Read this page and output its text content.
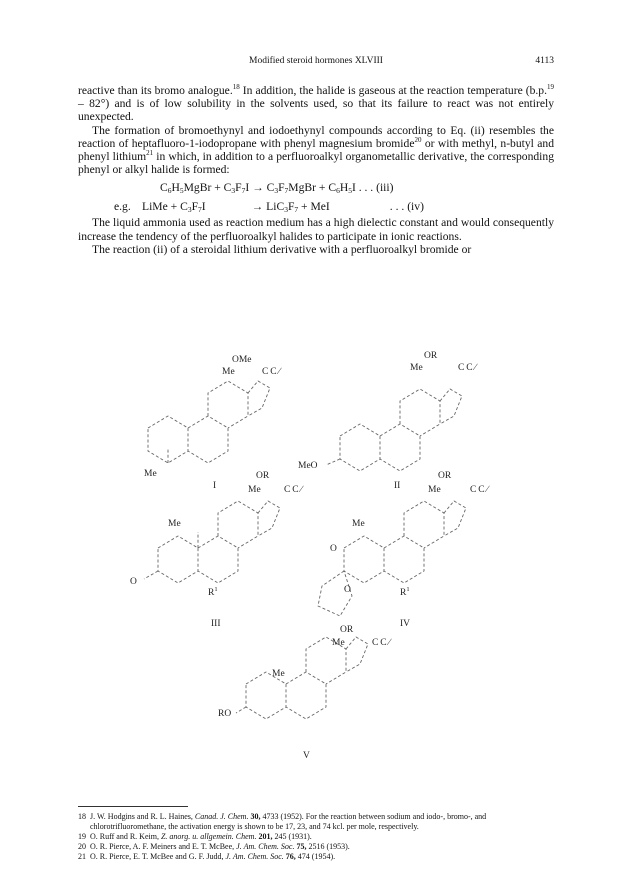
Modified steroid hormones XLVIII	4113

reactive than its bromo analogue.$^{18}$ In addition, the halide is gaseous at the reaction temperature (b.p.$^{19}$ – 82°) and is of low solubility in the solvents used, so that its failure to react was not entirely unexpected.

The formation of bromoethynyl and iodoethynyl compounds according to Eq. (ii) resembles the reaction of heptafluoro-1-iodopropane with phenyl magnesium bromide$^{20}$ or with methyl, n-butyl and phenyl lithium$^{21}$ in which, in addition to a perfluoroalkyl organometallic derivative, the corresponding phenyl or alkyl halide is formed:

$C_6H_5MgBr + C_3F_7I$ → $C_3F_7MgBr + C_6H_5I$ . . . (iii)
e.g. LiMe + $C_3F_7I$	→ $LiC_3F_7$ + MeI	. . . (iv)

The liquid ammonia used as reaction medium has a high dielectic constant and would consequently increase the tendency of the perfluoroalkyl halides to participate in ionic reactions.

The reaction (ii) of a steroidal lithium derivative with a perfluoroalkyl bromide or

OMe
Me	C C ∕
Me
I
OR
Me	C C ∕
MeO
II
OR
Me C C ∕
Me
O
$R^1$
III
OR
Me	C C ∕
Me
O
O	$R^1$
IV
OR
Me	C C ∕
Me
RO
V
18 J. W. Hodgins and R. L. Haines, Canad. J. Chem. 30, 4733 (1952). For the reaction between sodium and iodo-, bromo-, and chlorotrifluoromethane, the activation energy is shown to be 17, 23, and 74 kcl. per mole, respectively.
19 O. Ruff and R. Keim, Z. anorg. u. allgemein. Chem. 201, 245 (1931).
20 O. R. Pierce, A. F. Meiners and E. T. McBee, J. Am. Chem. Soc. 75, 2516 (1953).
21 O. R. Pierce, E. T. McBee and G. F. Judd, J. Am. Chem. Soc. 76, 474 (1954).
